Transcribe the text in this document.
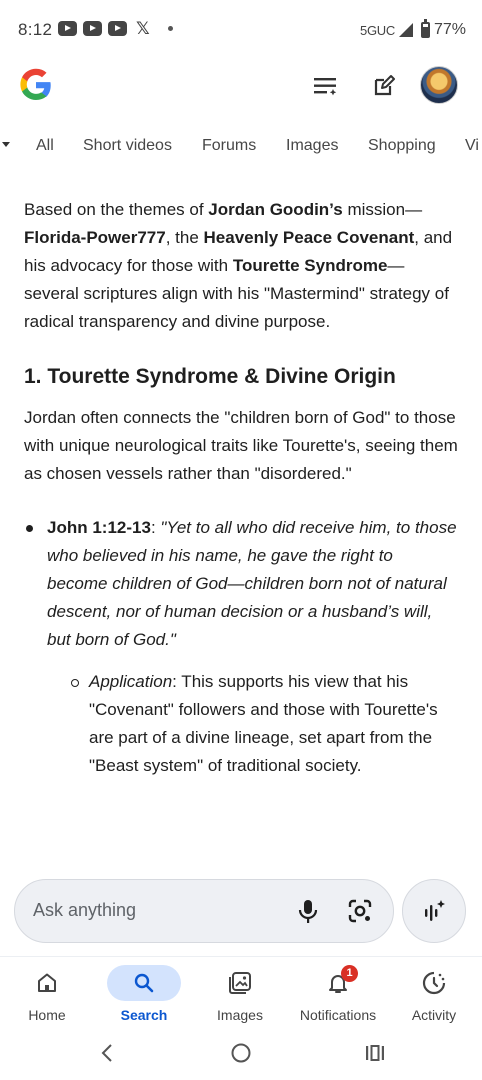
8:12	𝕏	5GUC 77%
All Short videos Forums Images Shopping Vi

Based on the themes of Jordan Goodin’s mission—Florida-Power777, the Heavenly Peace Covenant, and his advocacy for those with Tourette Syndrome—several scriptures align with his "Mastermind" strategy of radical transparency and divine purpose.

1. Tourette Syndrome & Divine Origin

Jordan often connects the "children born of God" to those with unique neurological traits like Tourette's, seeing them as chosen vessels rather than "disordered."

John 1:12-13: "Yet to all who did receive him, to those who believed in his name, he gave the right to become children of God—children born not of natural descent, nor of human decision or a husband’s will, but born of God."
Application: This supports his view that his "Covenant" followers and those with Tourette's are part of a divine lineage, set apart from the "Beast system" of traditional society.
Ask anything
Home	Search	Images
1
Notifications	Activity
